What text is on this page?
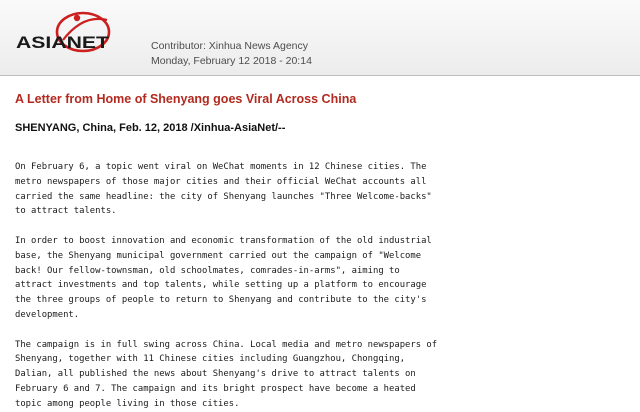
ASIANET	Contributor: Xinhua News Agency
Monday, February 12 2018 - 20:14
A Letter from Home of Shenyang goes Viral Across China
SHENYANG, China, Feb. 12, 2018 /Xinhua-AsiaNet/--

On February 6, a topic went viral on WeChat moments in 12 Chinese cities. The
metro newspapers of those major cities and their official WeChat accounts all
carried the same headline: the city of Shenyang launches "Three Welcome-backs"
to attract talents.

In order to boost innovation and economic transformation of the old industrial
base, the Shenyang municipal government carried out the campaign of "Welcome
back! Our fellow-townsman, old schoolmates, comrades-in-arms", aiming to
attract investments and top talents, while setting up a platform to encourage
the three groups of people to return to Shenyang and contribute to the city's
development.

The campaign is in full swing across China. Local media and metro newspapers of
Shenyang, together with 11 Chinese cities including Guangzhou, Chongqing,
Dalian, all published the news about Shenyang's drive to attract talents on
February 6 and 7. The campaign and its bright prospect have become a heated
topic among people living in those cities.
